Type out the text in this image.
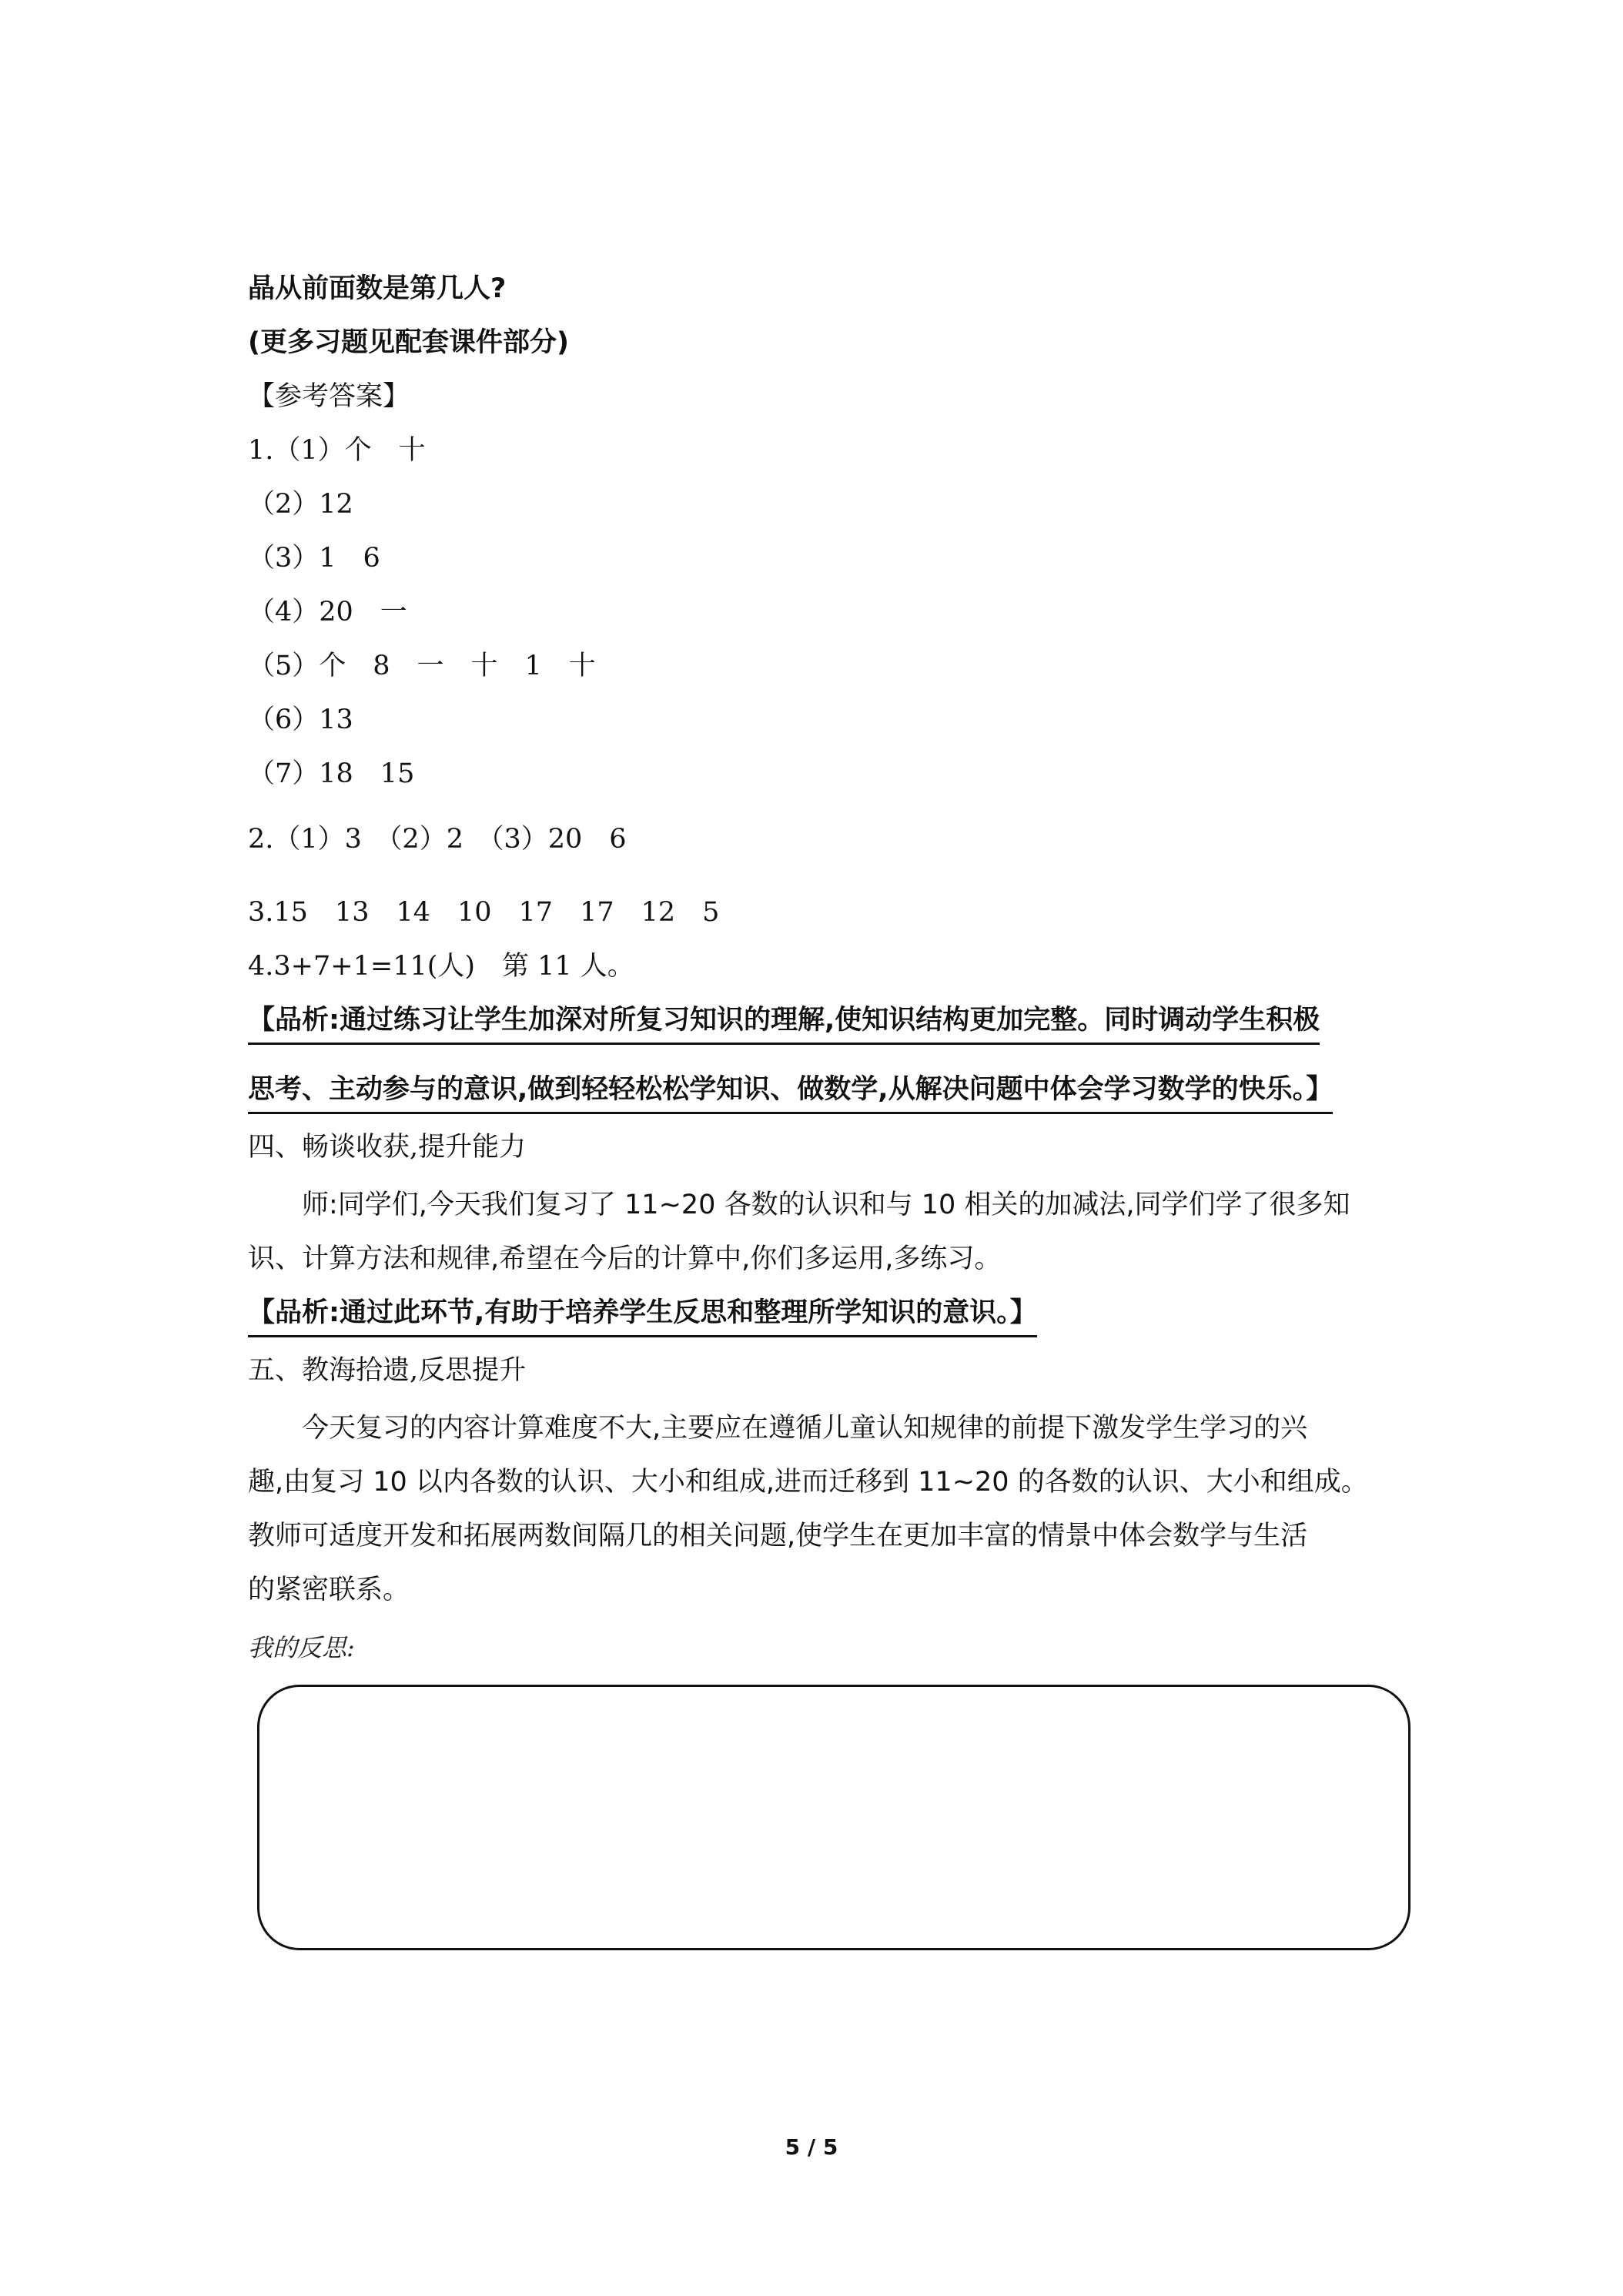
晶从前面数是第几人?
(更多习题见配套课件部分)
【参考答案】
1.（1）个　十
（2）12
（3）1　6
（4）20　一
（5）个　8　一　十　1　十
（6）13
（7）18　15
2.（1）3　（2）2　（3）20　6
3.15　13　14　10　17　17　12　5
4.3+7+1=11(人)　第 11 人。
【品析:通过练习让学生加深对所复习知识的理解,使知识结构更加完整。同时调动学生积极
思考、主动参与的意识,做到轻轻松松学知识、做数学,从解决问题中体会学习数学的快乐。】
四、畅谈收获,提升能力
师:同学们,今天我们复习了 11~20 各数的认识和与 10 相关的加减法,同学们学了很多知
识、计算方法和规律,希望在今后的计算中,你们多运用,多练习。
【品析:通过此环节,有助于培养学生反思和整理所学知识的意识。】
五、教海拾遗,反思提升
今天复习的内容计算难度不大,主要应在遵循儿童认知规律的前提下激发学生学习的兴
趣,由复习 10 以内各数的认识、大小和组成,进而迁移到 11~20 的各数的认识、大小和组成。
教师可适度开发和拓展两数间隔几的相关问题,使学生在更加丰富的情景中体会数学与生活
的紧密联系。
我的反思:
5 / 5
